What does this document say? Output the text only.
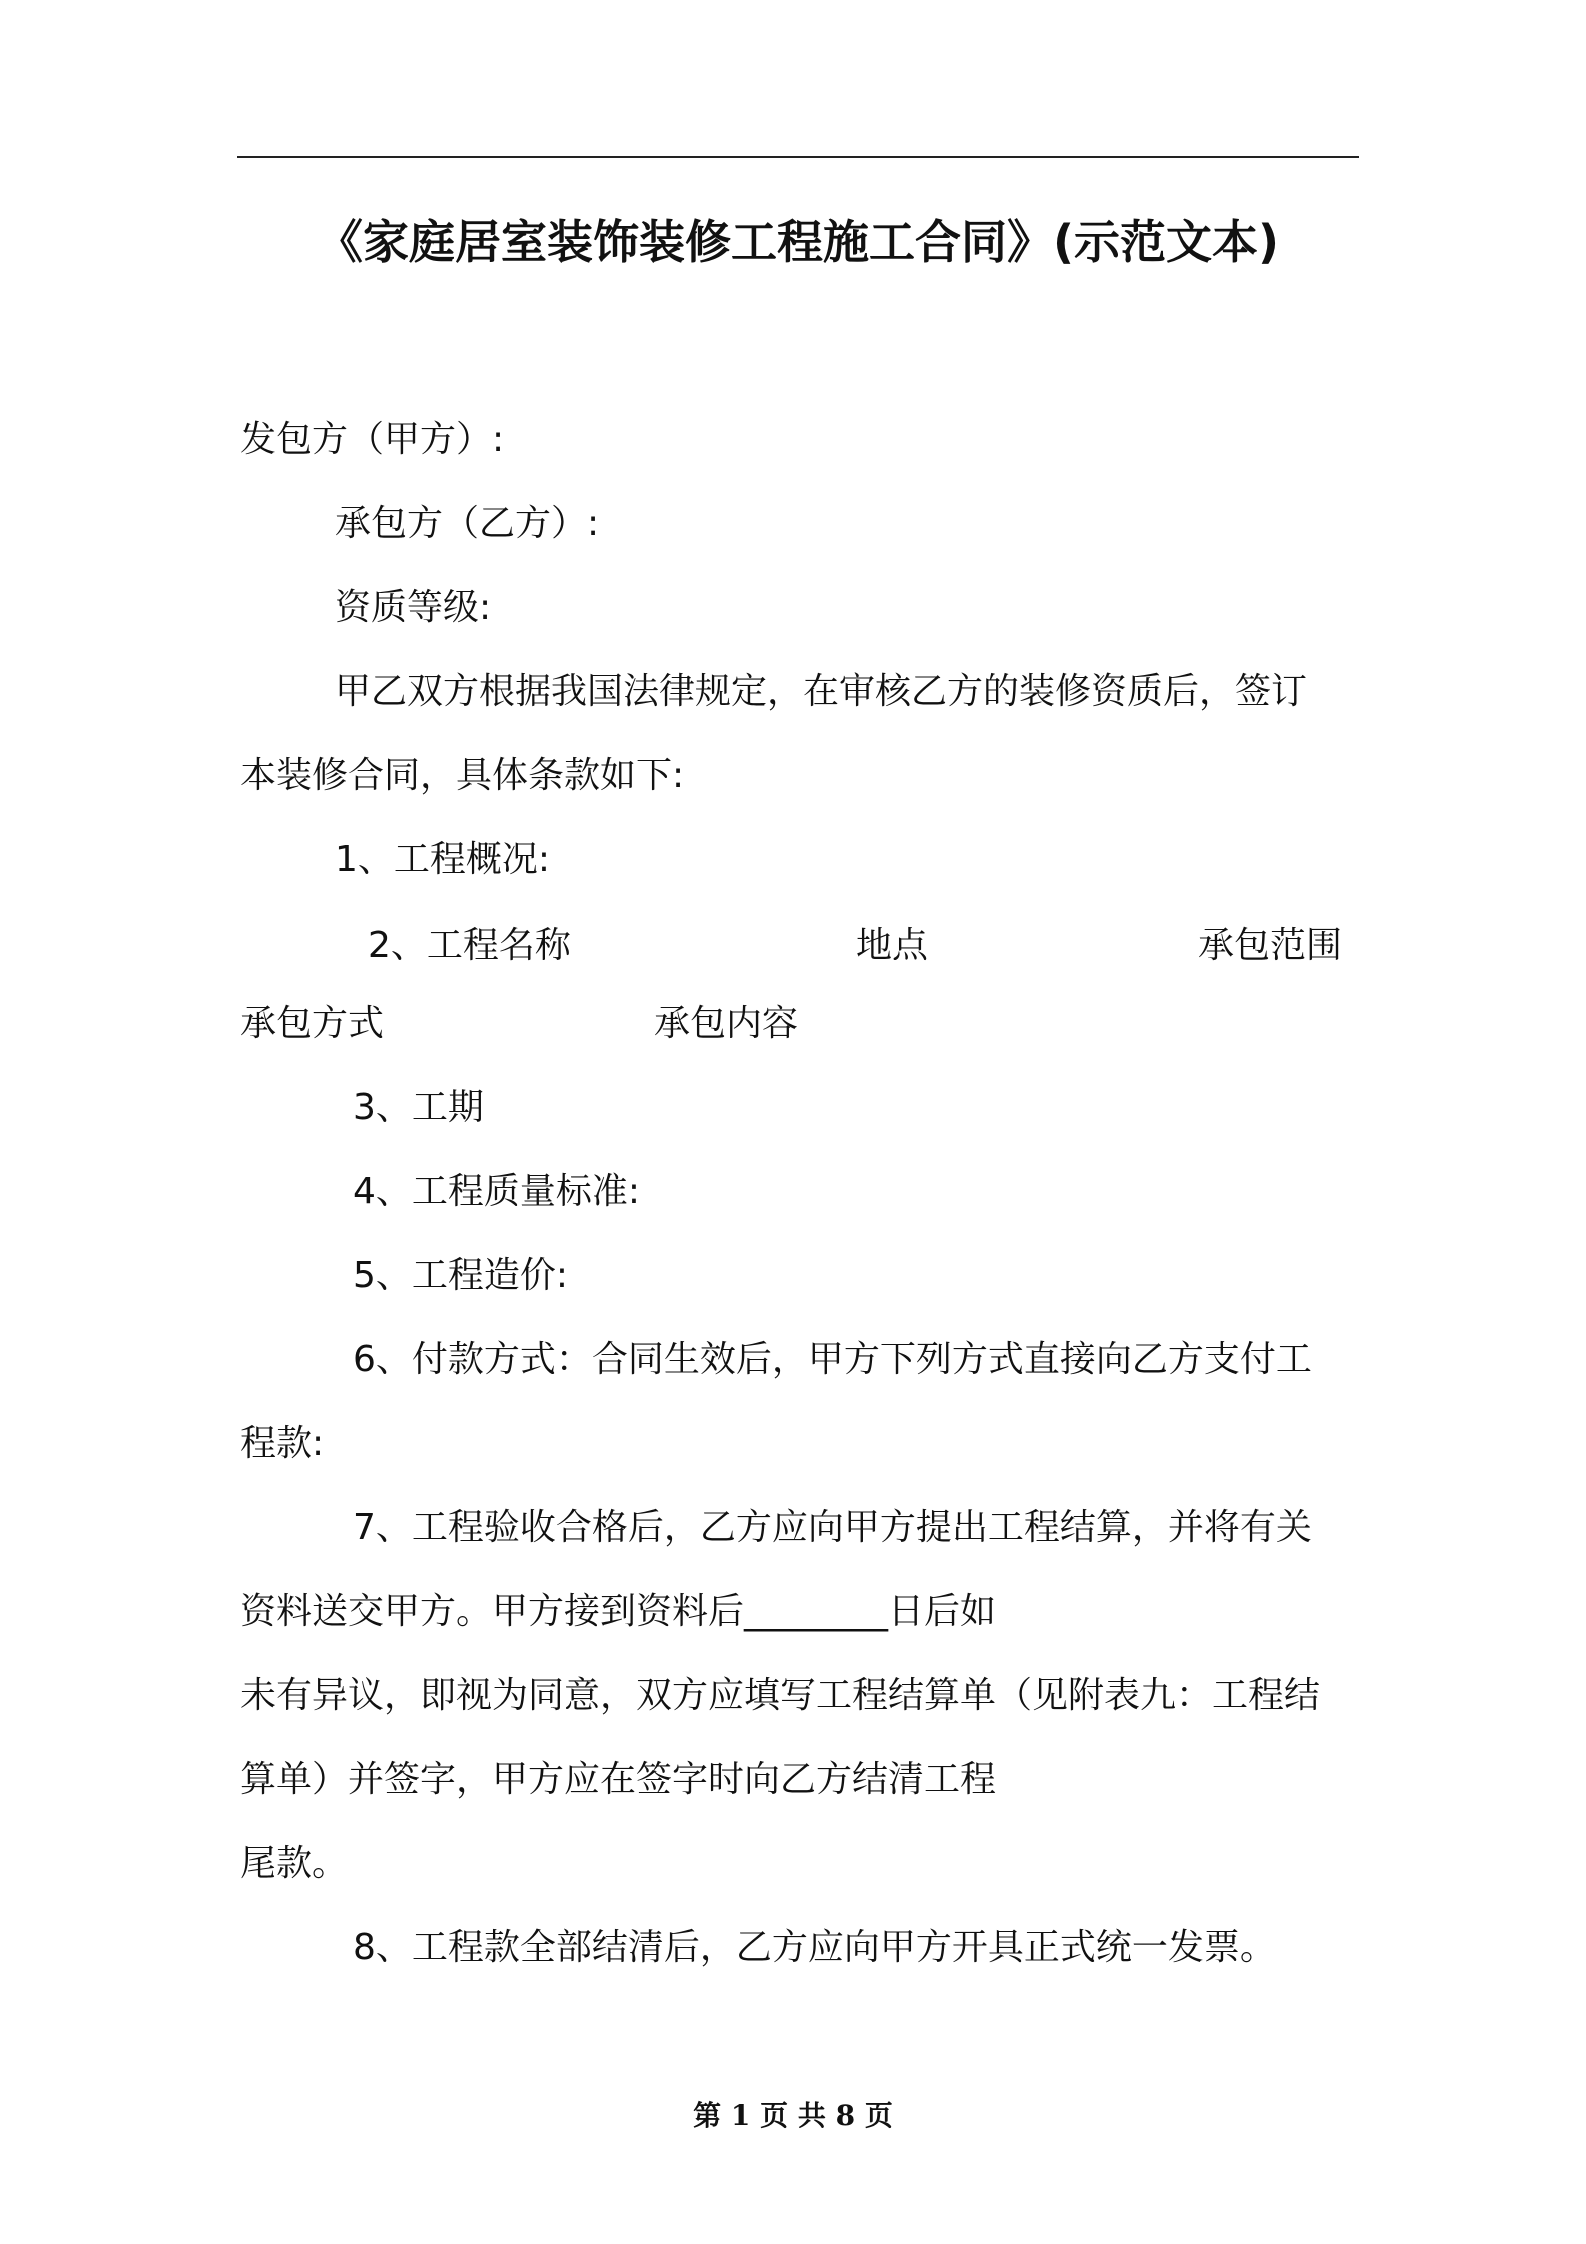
《家庭居室装饰装修工程施工合同》(示范文本)

发包方（甲方）:

承包方（乙方）:

资质等级:

甲乙双方根据我国法律规定，在审核乙方的装修资质后，签订

本装修合同，具体条款如下:

1、工程概况:

2、工程名称	地点	承包范围
承包方式	承包内容

3、工期

4、工程质量标准:

5、工程造价:

6、付款方式：合同生效后，甲方下列方式直接向乙方支付工

程款:

7、工程验收合格后，乙方应向甲方提出工程结算，并将有关

资料送交甲方。甲方接到资料后________日后如

未有异议，即视为同意，双方应填写工程结算单（见附表九：工程结

算单）并签字，甲方应在签字时向乙方结清工程

尾款。

8、工程款全部结清后，乙方应向甲方开具正式统一发票。

第 1 页 共 8 页
